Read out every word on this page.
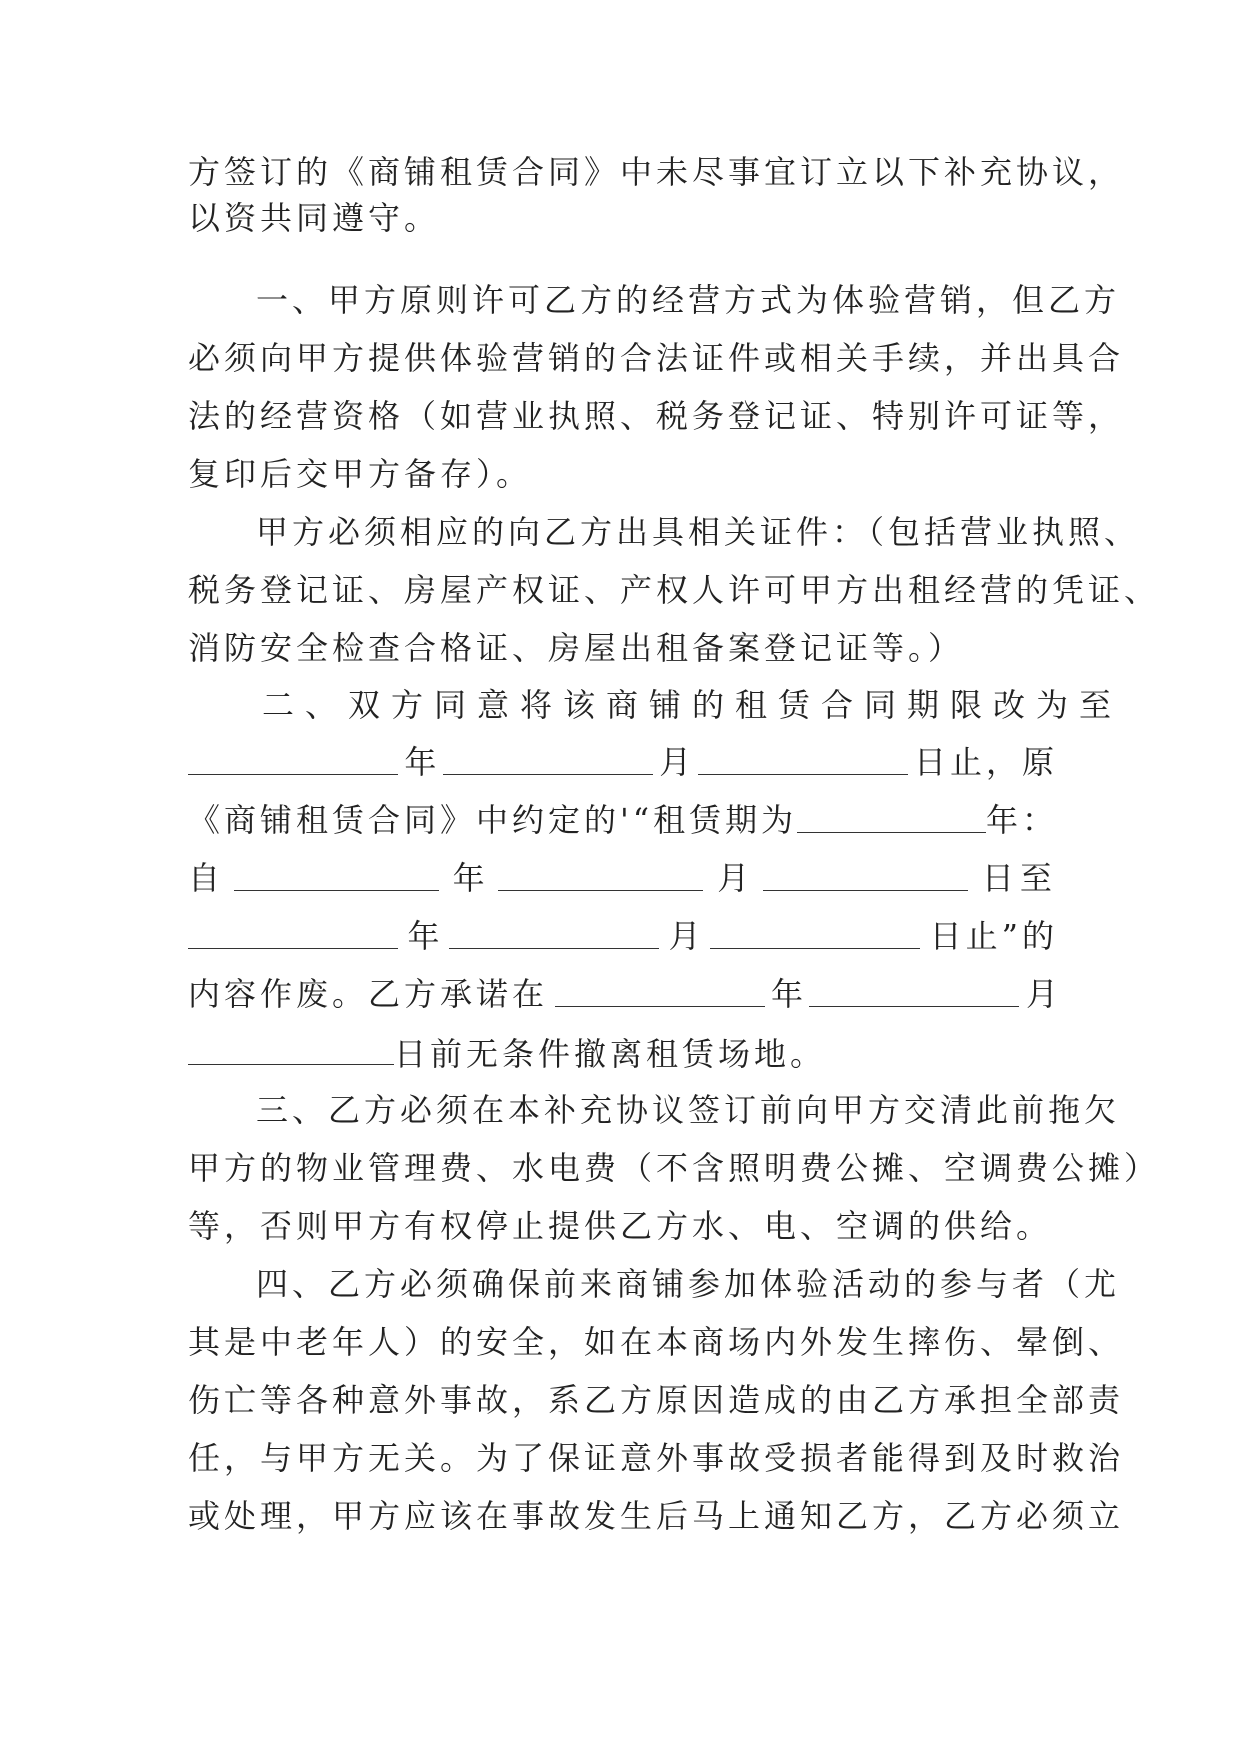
方签订的《商铺租赁合同》中未尽事宜订立以下补充协议，
以资共同遵守。
一、甲方原则许可乙方的经营方式为体验营销，但乙方
必须向甲方提供体验营销的合法证件或相关手续，并出具合
法的经营资格（如营业执照、税务登记证、特别许可证等，
复印后交甲方备存）。
甲方必须相应的向乙方出具相关证件：（包括营业执照、
税务登记证、房屋产权证、产权人许可甲方出租经营的凭证、
消防安全检查合格证、房屋出租备案登记证等。）
二、双方同意将该商铺的租赁合同期限改为至
年	月	日止，原
《商铺租赁合同》中约定的'“租赁期为	年：
自	年	月	日至
年	月	日止”的
内容作废。乙方承诺在	年	月
日前无条件撤离租赁场地。
三、乙方必须在本补充协议签订前向甲方交清此前拖欠
甲方的物业管理费、水电费（不含照明费公摊、空调费公摊）
等，否则甲方有权停止提供乙方水、电、空调的供给。
四、乙方必须确保前来商铺参加体验活动的参与者（尤
其是中老年人）的安全，如在本商场内外发生摔伤、晕倒、
伤亡等各种意外事故，系乙方原因造成的由乙方承担全部责
任，与甲方无关。为了保证意外事故受损者能得到及时救治
或处理，甲方应该在事故发生后马上通知乙方，乙方必须立
